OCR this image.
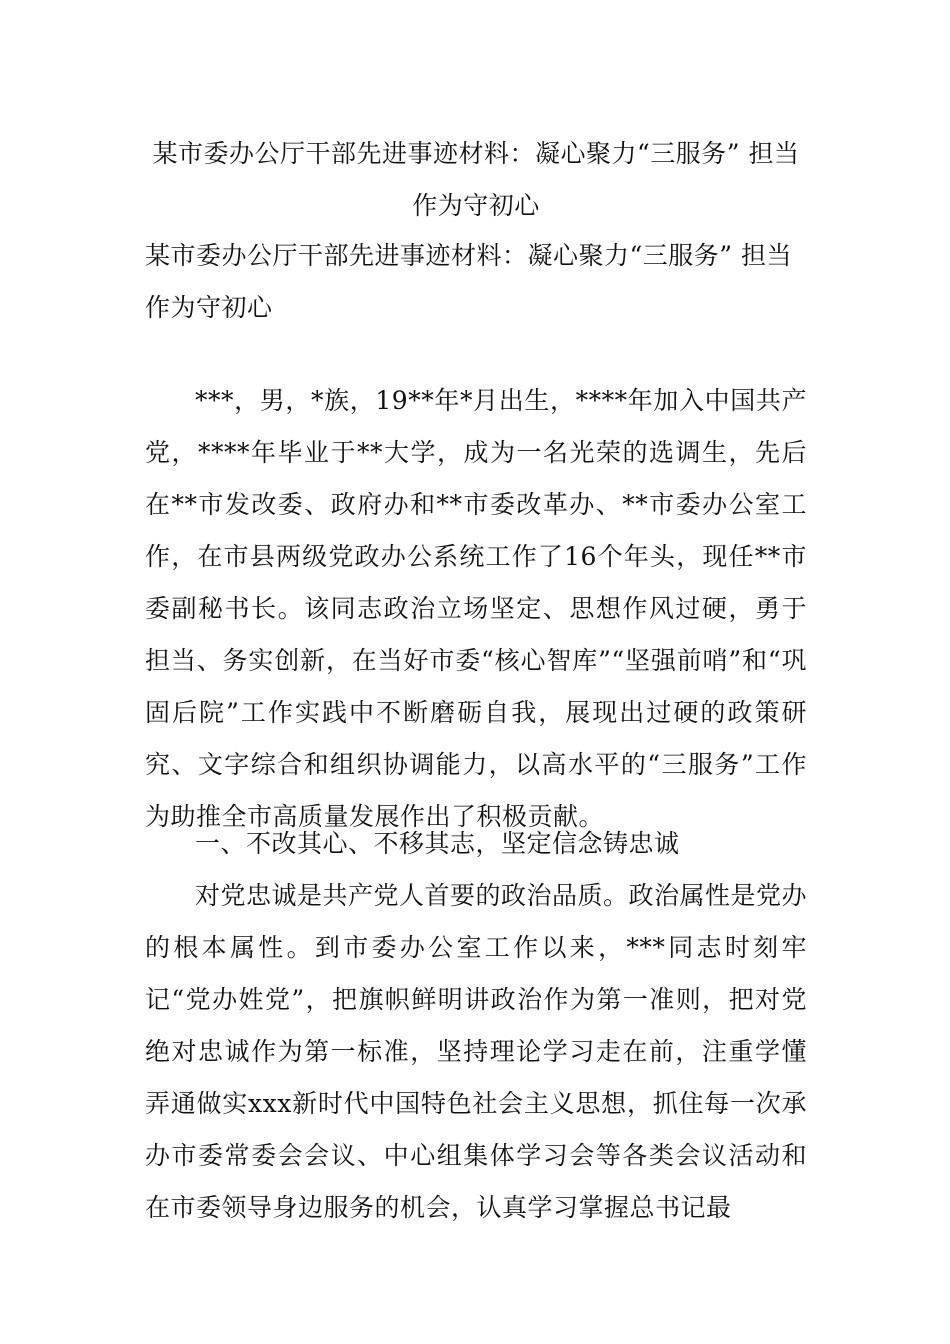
某市委办公厅干部先进事迹材料：凝心聚力“三服务” 担当作为守初心
某市委办公厅干部先进事迹材料：凝心聚力“三服务” 担当作为守初心
***，男，*族，19**年*月出生，****年加入中国共产党，****年毕业于**大学，成为一名光荣的选调生，先后在**市发改委、政府办和**市委改革办、**市委办公室工作，在市县两级党政办公系统工作了16个年头，现任**市委副秘书长。该同志政治立场坚定、思想作风过硬，勇于担当、务实创新，在当好市委“核心智库”“坚强前哨”和“巩固后院”工作实践中不断磨砺自我，展现出过硬的政策研究、文字综合和组织协调能力，以高水平的“三服务”工作为助推全市高质量发展作出了积极贡献。
一、不改其心、不移其志，坚定信念铸忠诚
对党忠诚是共产党人首要的政治品质。政治属性是党办的根本属性。到市委办公室工作以来，***同志时刻牢记“党办姓党”，把旗帜鲜明讲政治作为第一准则，把对党绝对忠诚作为第一标准，坚持理论学习走在前，注重学懂弄通做实xxx新时代中国特色社会主义思想，抓住每一次承办市委常委会会议、中心组集体学习会等各类会议活动和在市委领导身边服务的机会，认真学习掌握总书记最
